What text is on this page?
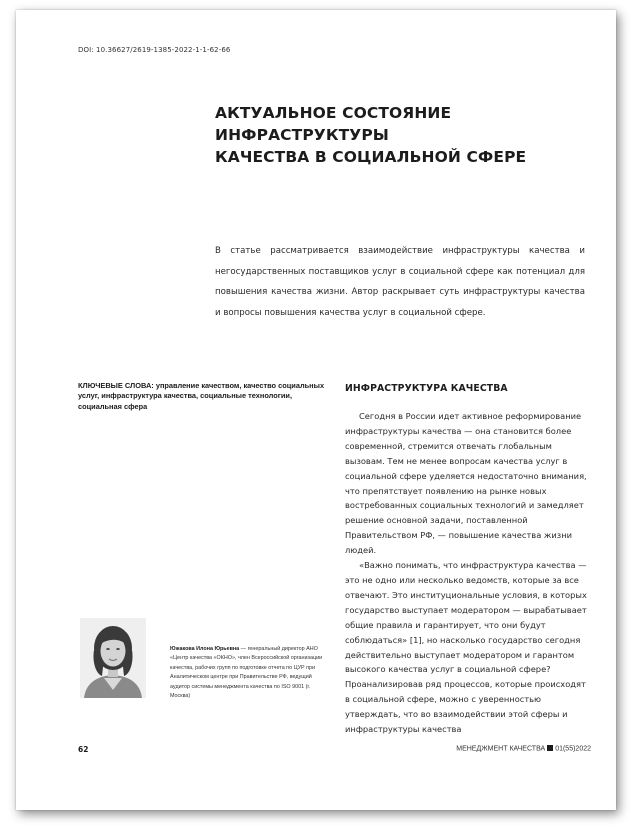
DOI: 10.36627/2619-1385-2022-1-1-62-66
АКТУАЛЬНОЕ СОСТОЯНИЕ ИНФРАСТРУКТУРЫ
КАЧЕСТВА В СОЦИАЛЬНОЙ СФЕРЕ

В статье рассматривается взаимодействие инфраструктуры качества и негосударственных поставщиков услуг в социальной сфере как потенциал для повышения качества жизни. Автор раскрывает суть инфраструктуры качества и вопросы повышения качества услуг в социальной сфере.

КЛЮЧЕВЫЕ СЛОВА: управление качеством, качество социальных услуг, инфраструктура качества, социальные технологии, социальная сфера

ИНФРАСТРУКТУРА КАЧЕСТВА

Сегодня в России идет активное реформирование инфраструктуры качества — она становится более современной, стремится отвечать глобальным вызовам. Тем не менее вопросам качества услуг в социальной сфере уделяется недостаточно внимания, что препятствует появлению на рынке новых востребованных социальных технологий и замедляет решение основной задачи, поставленной Правительством РФ, — повышение качества жизни людей.

«Важно понимать, что инфраструктура качества — это не одно или несколько ведомств, которые за все отвечают. Это институциональные условия, в которых государство выступает модератором — вырабатывает общие правила и гарантирует, что они будут соблюдаться» [1], но насколько государство сегодня действительно выступает модератором и гарантом высокого качества услуг в социальной сфере? Проанализировав ряд процессов, которые происходят в социальной сфере, можно с уверенностью утверждать, что во взаимодействии этой сферы и инфраструктуры качества

Южакова Илона Юрьевна — генеральный директор АНО «Центр качества «ОКНО», член Всероссийской организации качества, рабочих групп по подготовке отчета по ЦУР при Аналитическом центре при Правительстве РФ, ведущий аудитор системы менеджмента качества по ISO 9001 (г. Москва)

62	МЕНЕДЖМЕНТ КАЧЕСТВА 01(55)2022
